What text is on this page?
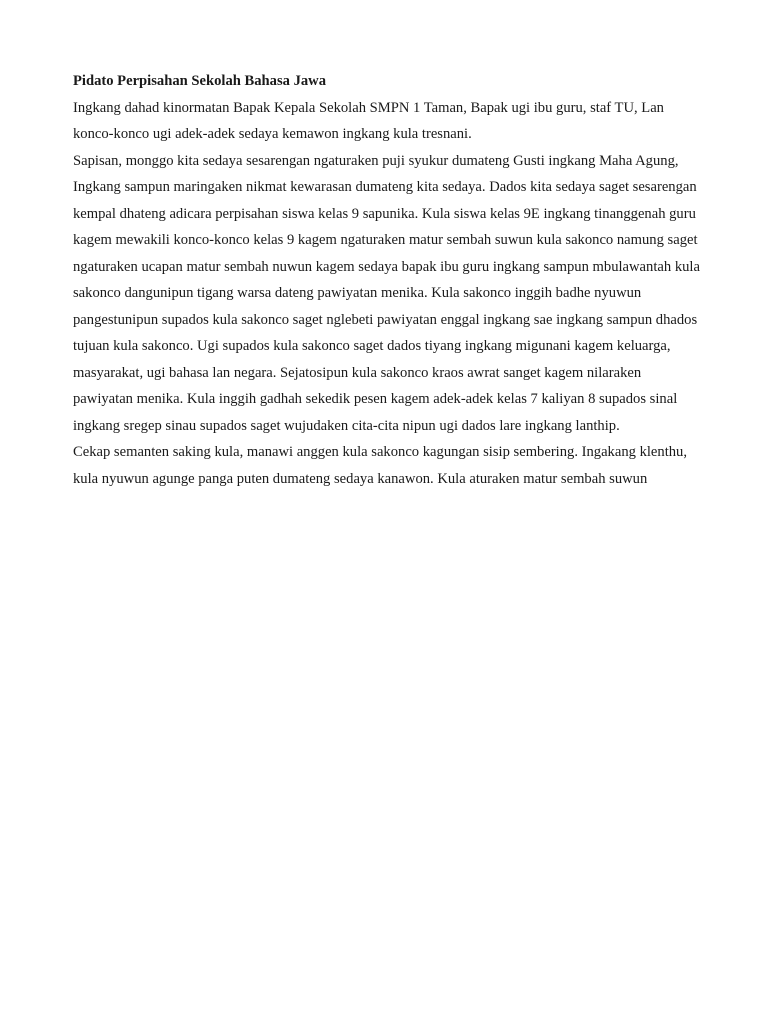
Pidato Perpisahan Sekolah Bahasa Jawa

Ingkang dahad kinormatan Bapak Kepala Sekolah SMPN 1 Taman, Bapak ugi ibu guru, staf TU, Lan konco-konco ugi adek-adek sedaya kemawon ingkang kula tresnani.

Sapisan, monggo kita sedaya sesarengan ngaturaken puji syukur dumateng Gusti ingkang Maha Agung, Ingkang sampun maringaken nikmat kewarasan dumateng kita sedaya. Dados kita sedaya saget sesarengan kempal dhateng adicara perpisahan siswa kelas 9 sapunika. Kula siswa kelas 9E ingkang tinanggenah guru kagem mewakili konco-konco kelas 9 kagem ngaturaken matur sembah suwun kula sakonco namung saget ngaturaken ucapan matur sembah nuwun kagem sedaya bapak ibu guru ingkang sampun mbulawantah kula sakonco dangunipun tigang warsa dateng pawiyatan menika. Kula sakonco inggih badhe nyuwun pangestunipun supados kula sakonco saget nglebeti pawiyatan enggal ingkang sae ingkang sampun dhados tujuan kula sakonco. Ugi supados kula sakonco saget dados tiyang ingkang migunani kagem keluarga, masyarakat, ugi bahasa lan negara. Sejatosipun kula sakonco kraos awrat sanget kagem nilaraken pawiyatan menika. Kula inggih gadhah sekedik pesen kagem adek-adek kelas 7 kaliyan 8 supados sinal ingkang sregep sinau supados saget wujudaken cita-cita nipun ugi dados lare ingkang lanthip.

Cekap semanten saking kula, manawi anggen kula sakonco kagungan sisip sembering. Ingakang klenthu, kula nyuwun agunge panga puten dumateng sedaya kanawon. Kula aturaken matur sembah suwun
